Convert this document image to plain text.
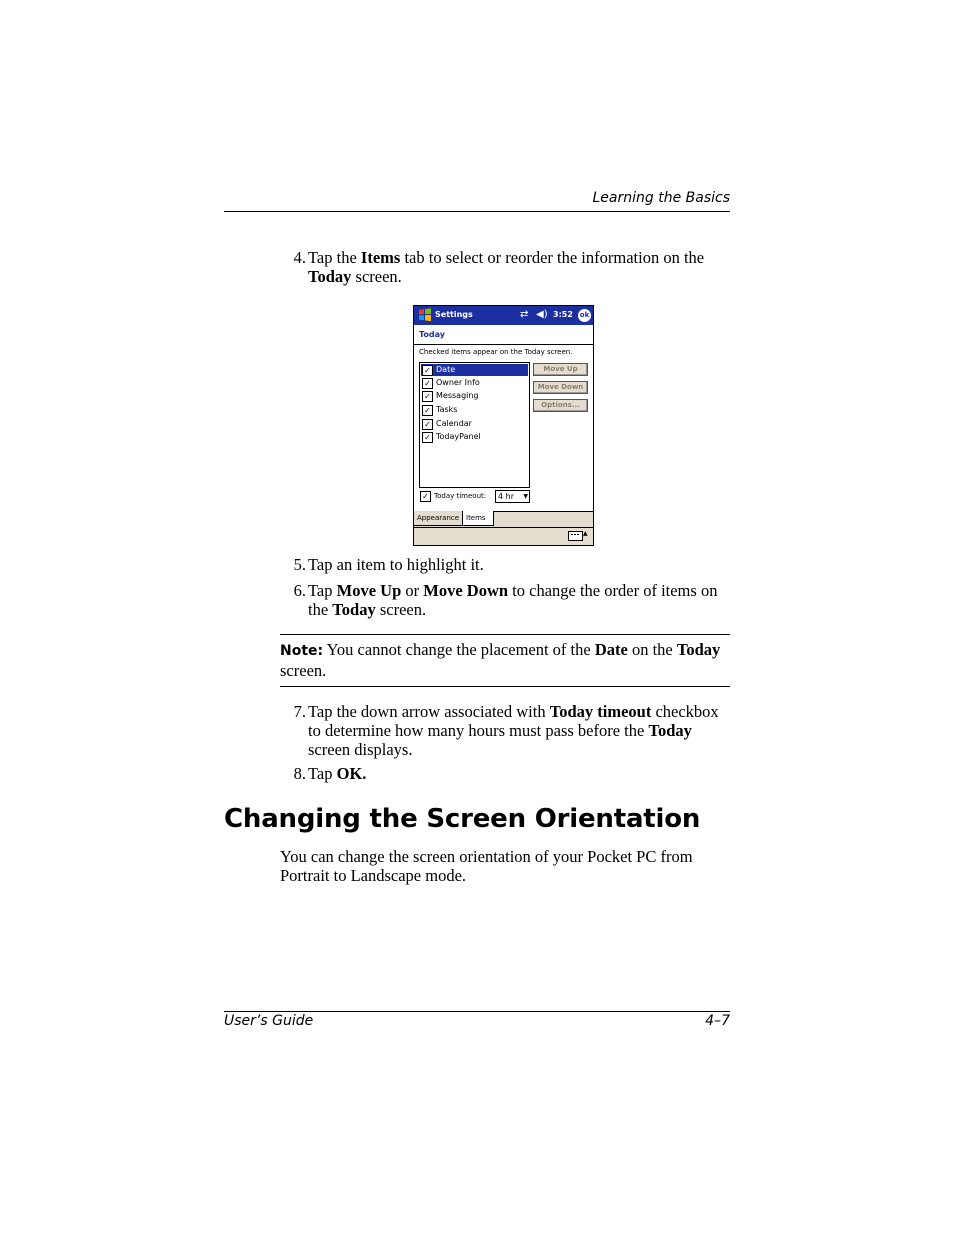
Learning the Basics
4. Tap the Items tab to select or reorder the information on the Today screen.
Settings	⇄ ◀︎) 3:52 ok
Today
Checked items appear on the Today screen.
✓ Date
✓ Owner Info
✓ Messaging
✓ Tasks
✓ Calendar
✓ TodayPanel
Move Up
Move Down
Options...
✓ Today timeout: 4 hr ▼
Appearance Items
▲
5. Tap an item to highlight it.
6. Tap Move Up or Move Down to change the order of items on the Today screen.
Note: You cannot change the placement of the Date on the Today screen.
7. Tap the down arrow associated with Today timeout checkbox to determine how many hours must pass before the Today screen displays.
8. Tap OK.
Changing the Screen Orientation
You can change the screen orientation of your Pocket PC from Portrait to Landscape mode.
User’s Guide	4–7
